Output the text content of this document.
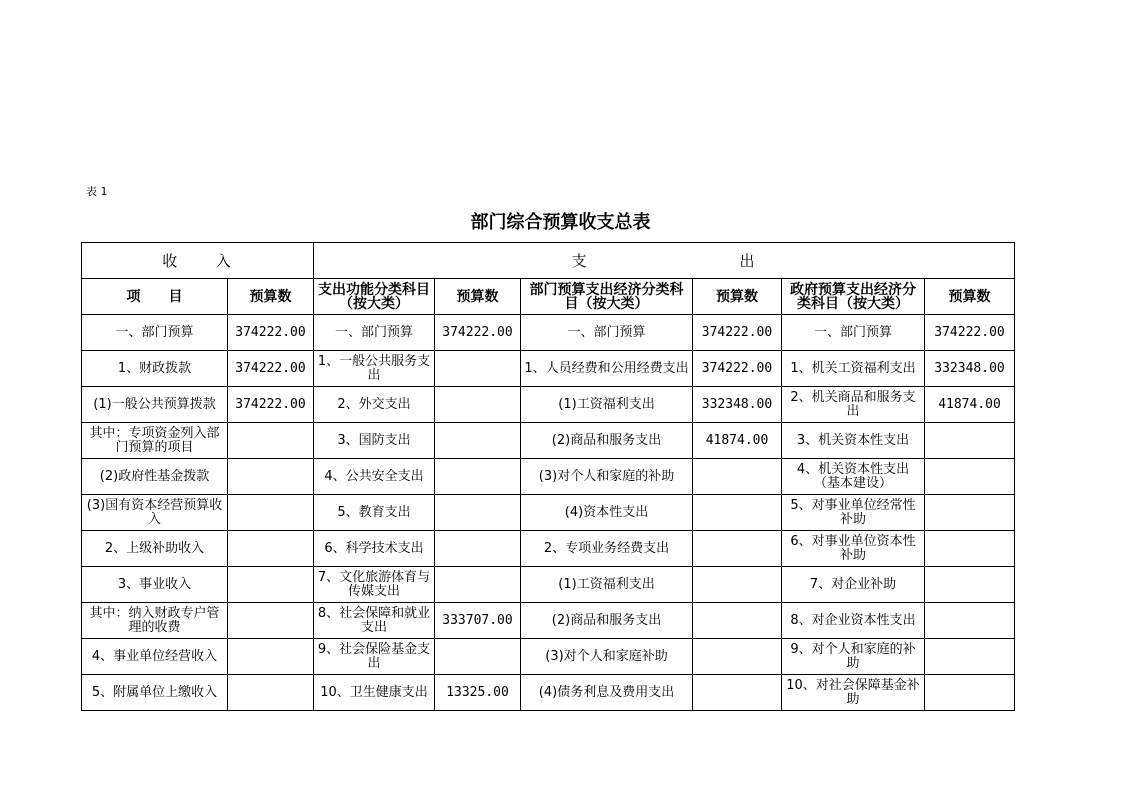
表 1
部门综合预算收支总表
收 入		支 出					

项　　目	预算数	支出功能分类科目（按大类）	预算数	部门预算支出经济分类科目（按大类）	预算数	政府预算支出经济分类科目（按大类）	预算数
一、部门预算	374222.00	一、部门预算	374222.00	一、部门预算	374222.00	一、部门预算	374222.00
1、财政拨款	374222.00	1、一般公共服务支出		1、人员经费和公用经费支出	374222.00	1、机关工资福利支出	332348.00
(1)一般公共预算拨款	374222.00	2、外交支出		(1)工资福利支出	332348.00	2、机关商品和服务支出	41874.00
其中：专项资金列入部门预算的项目		3、国防支出		(2)商品和服务支出	41874.00	3、机关资本性支出	
(2)政府性基金拨款		4、公共安全支出		(3)对个人和家庭的补助		4、机关资本性支出（基本建设）	
(3)国有资本经营预算收入		5、教育支出		(4)资本性支出		5、对事业单位经常性补助	
2、上级补助收入		6、科学技术支出		2、专项业务经费支出		6、对事业单位资本性补助	
3、事业收入		7、文化旅游体育与传媒支出		(1)工资福利支出		7、对企业补助	
其中：纳入财政专户管理的收费		8、社会保障和就业支出	333707.00	(2)商品和服务支出		8、对企业资本性支出	
4、事业单位经营收入		9、社会保险基金支出		(3)对个人和家庭补助		9、对个人和家庭的补助	
5、附属单位上缴收入		10、卫生健康支出	13325.00	(4)债务利息及费用支出		10、对社会保障基金补助	
